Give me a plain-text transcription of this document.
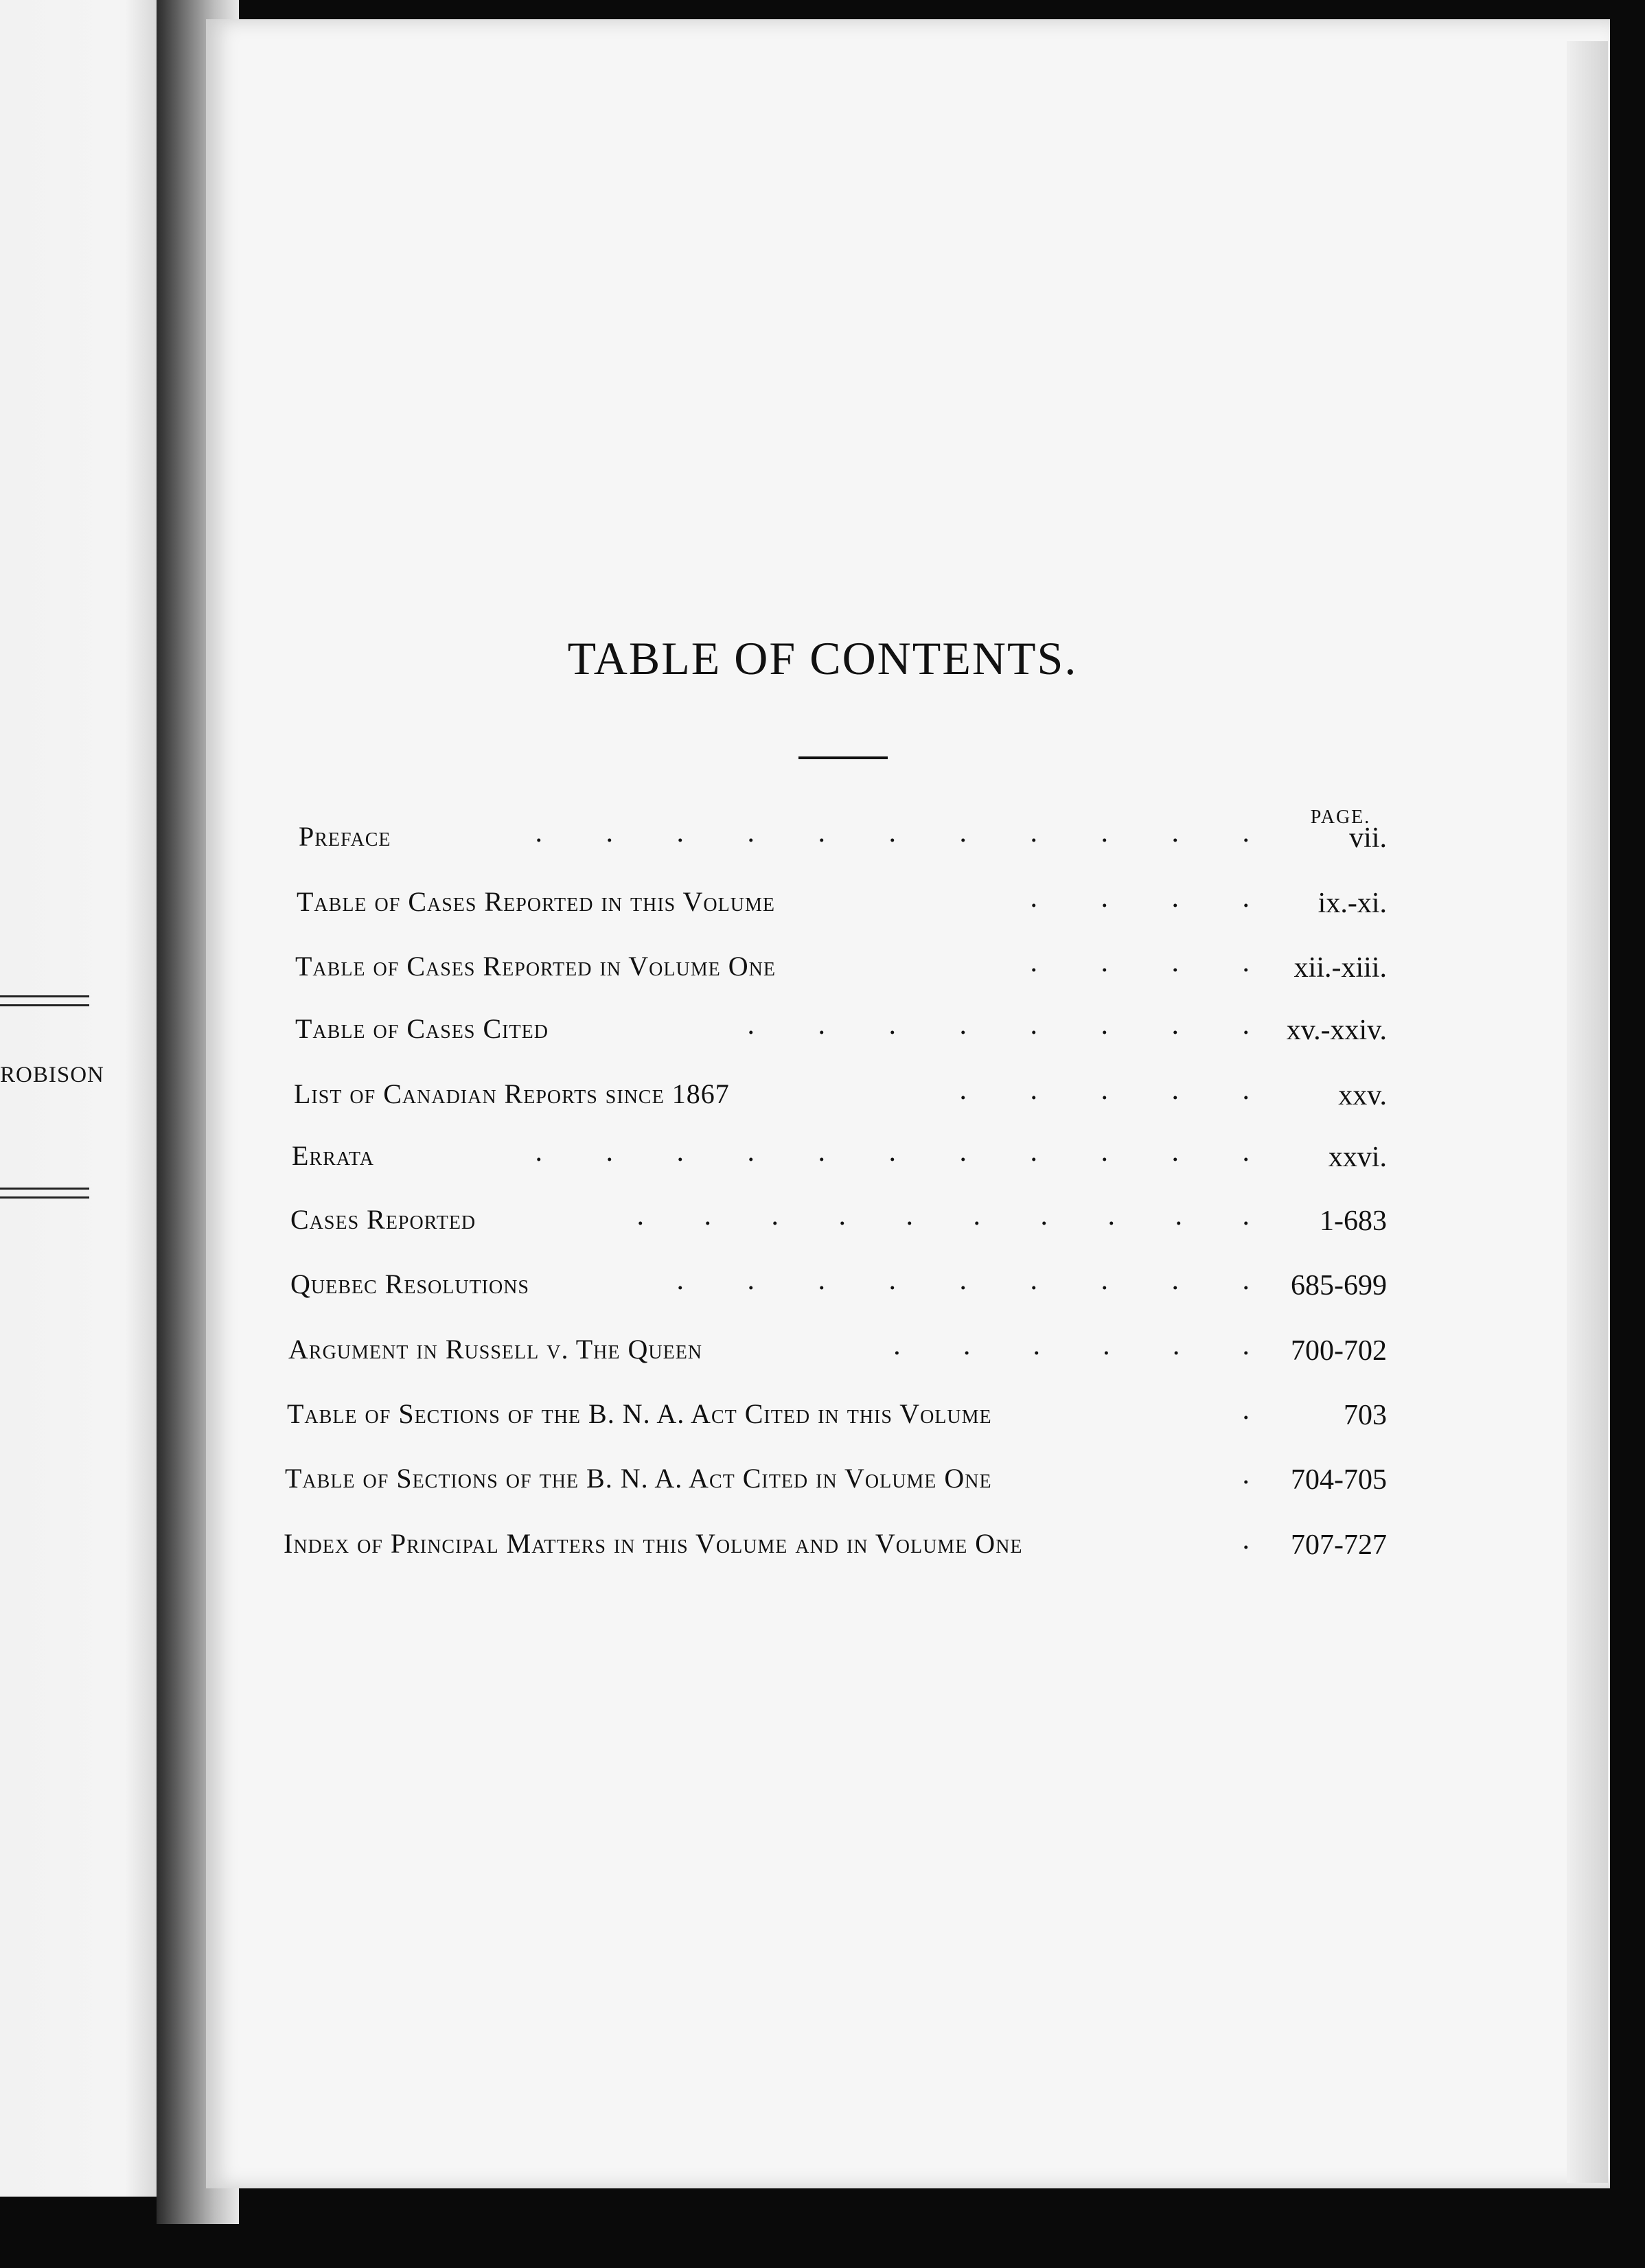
ROBISON
TABLE OF CONTENTS.
PAGE.
Preface	.	.	.	.	.	.	.	.	.	.	.	vii.
Table of Cases Reported in this Volume	.	.	.	.	ix.-xi.
Table of Cases Reported in Volume One	.	.	.	.	xii.-xiii.
Table of Cases Cited	.	.	.	.	.	.	.	.	xv.-xxiv.
List of Canadian Reports since 1867	.	.	.	.	.	xxv.
Errata	.	.	.	.	.	.	.	.	.	.	.	xxvi.
Cases Reported	.	.	.	.	.	.	.	.	.	.	1-683
Quebec Resolutions	.	.	.	.	.	.	.	.	.	685-699
Argument in Russell v. The Queen	.	.	.	.	.	.	700-702
Table of Sections of the B. N. A. Act Cited in this Volume	.	703
Table of Sections of the B. N. A. Act Cited in Volume One	.	704-705
Index of Principal Matters in this Volume and in Volume One	.	707-727
